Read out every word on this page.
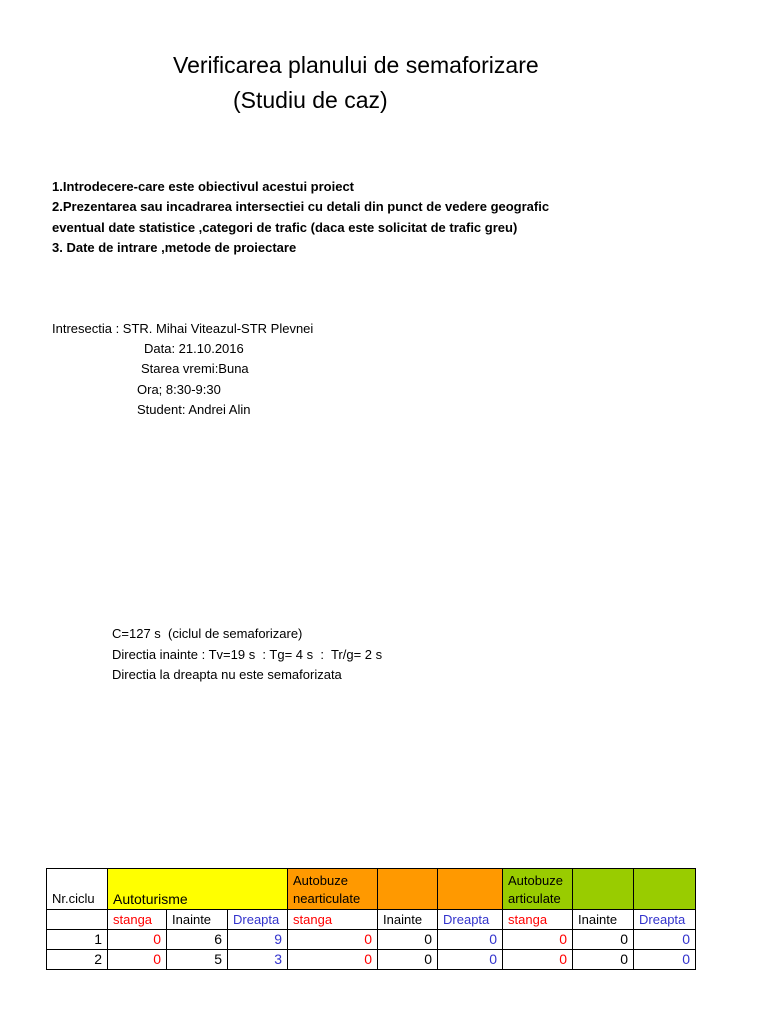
Verificarea planului de semaforizare
(Studiu de caz)
1.Introdecere-care este obiectivul acestui proiect
2.Prezentarea sau incadrarea intersectiei cu detali din punct de vedere geografic
eventual date statistice ,categori de trafic (daca este solicitat de trafic greu)
3. Date de intrare ,metode de proiectare
Intresectia : STR. Mihai Viteazul-STR Plevnei
Data: 21.10.2016
Starea vremi:Buna
Ora; 8:30-9:30
Student: Andrei Alin
C=127 s  (ciclul de semaforizare)
Directia inainte : Tv=19 s  : Tg= 4 s  :  Tr/g= 2 s
Directia la dreapta nu este semaforizata
Nr.ciclu	Autoturisme			Autobuze nearticulate			Autobuze articulate		
	stanga	Inainte	Dreapta	stanga	Inainte	Dreapta	stanga	Inainte	Dreapta
1	0	6	9	0	0	0	0	0	0
2	0	5	3	0	0	0	0	0	0
